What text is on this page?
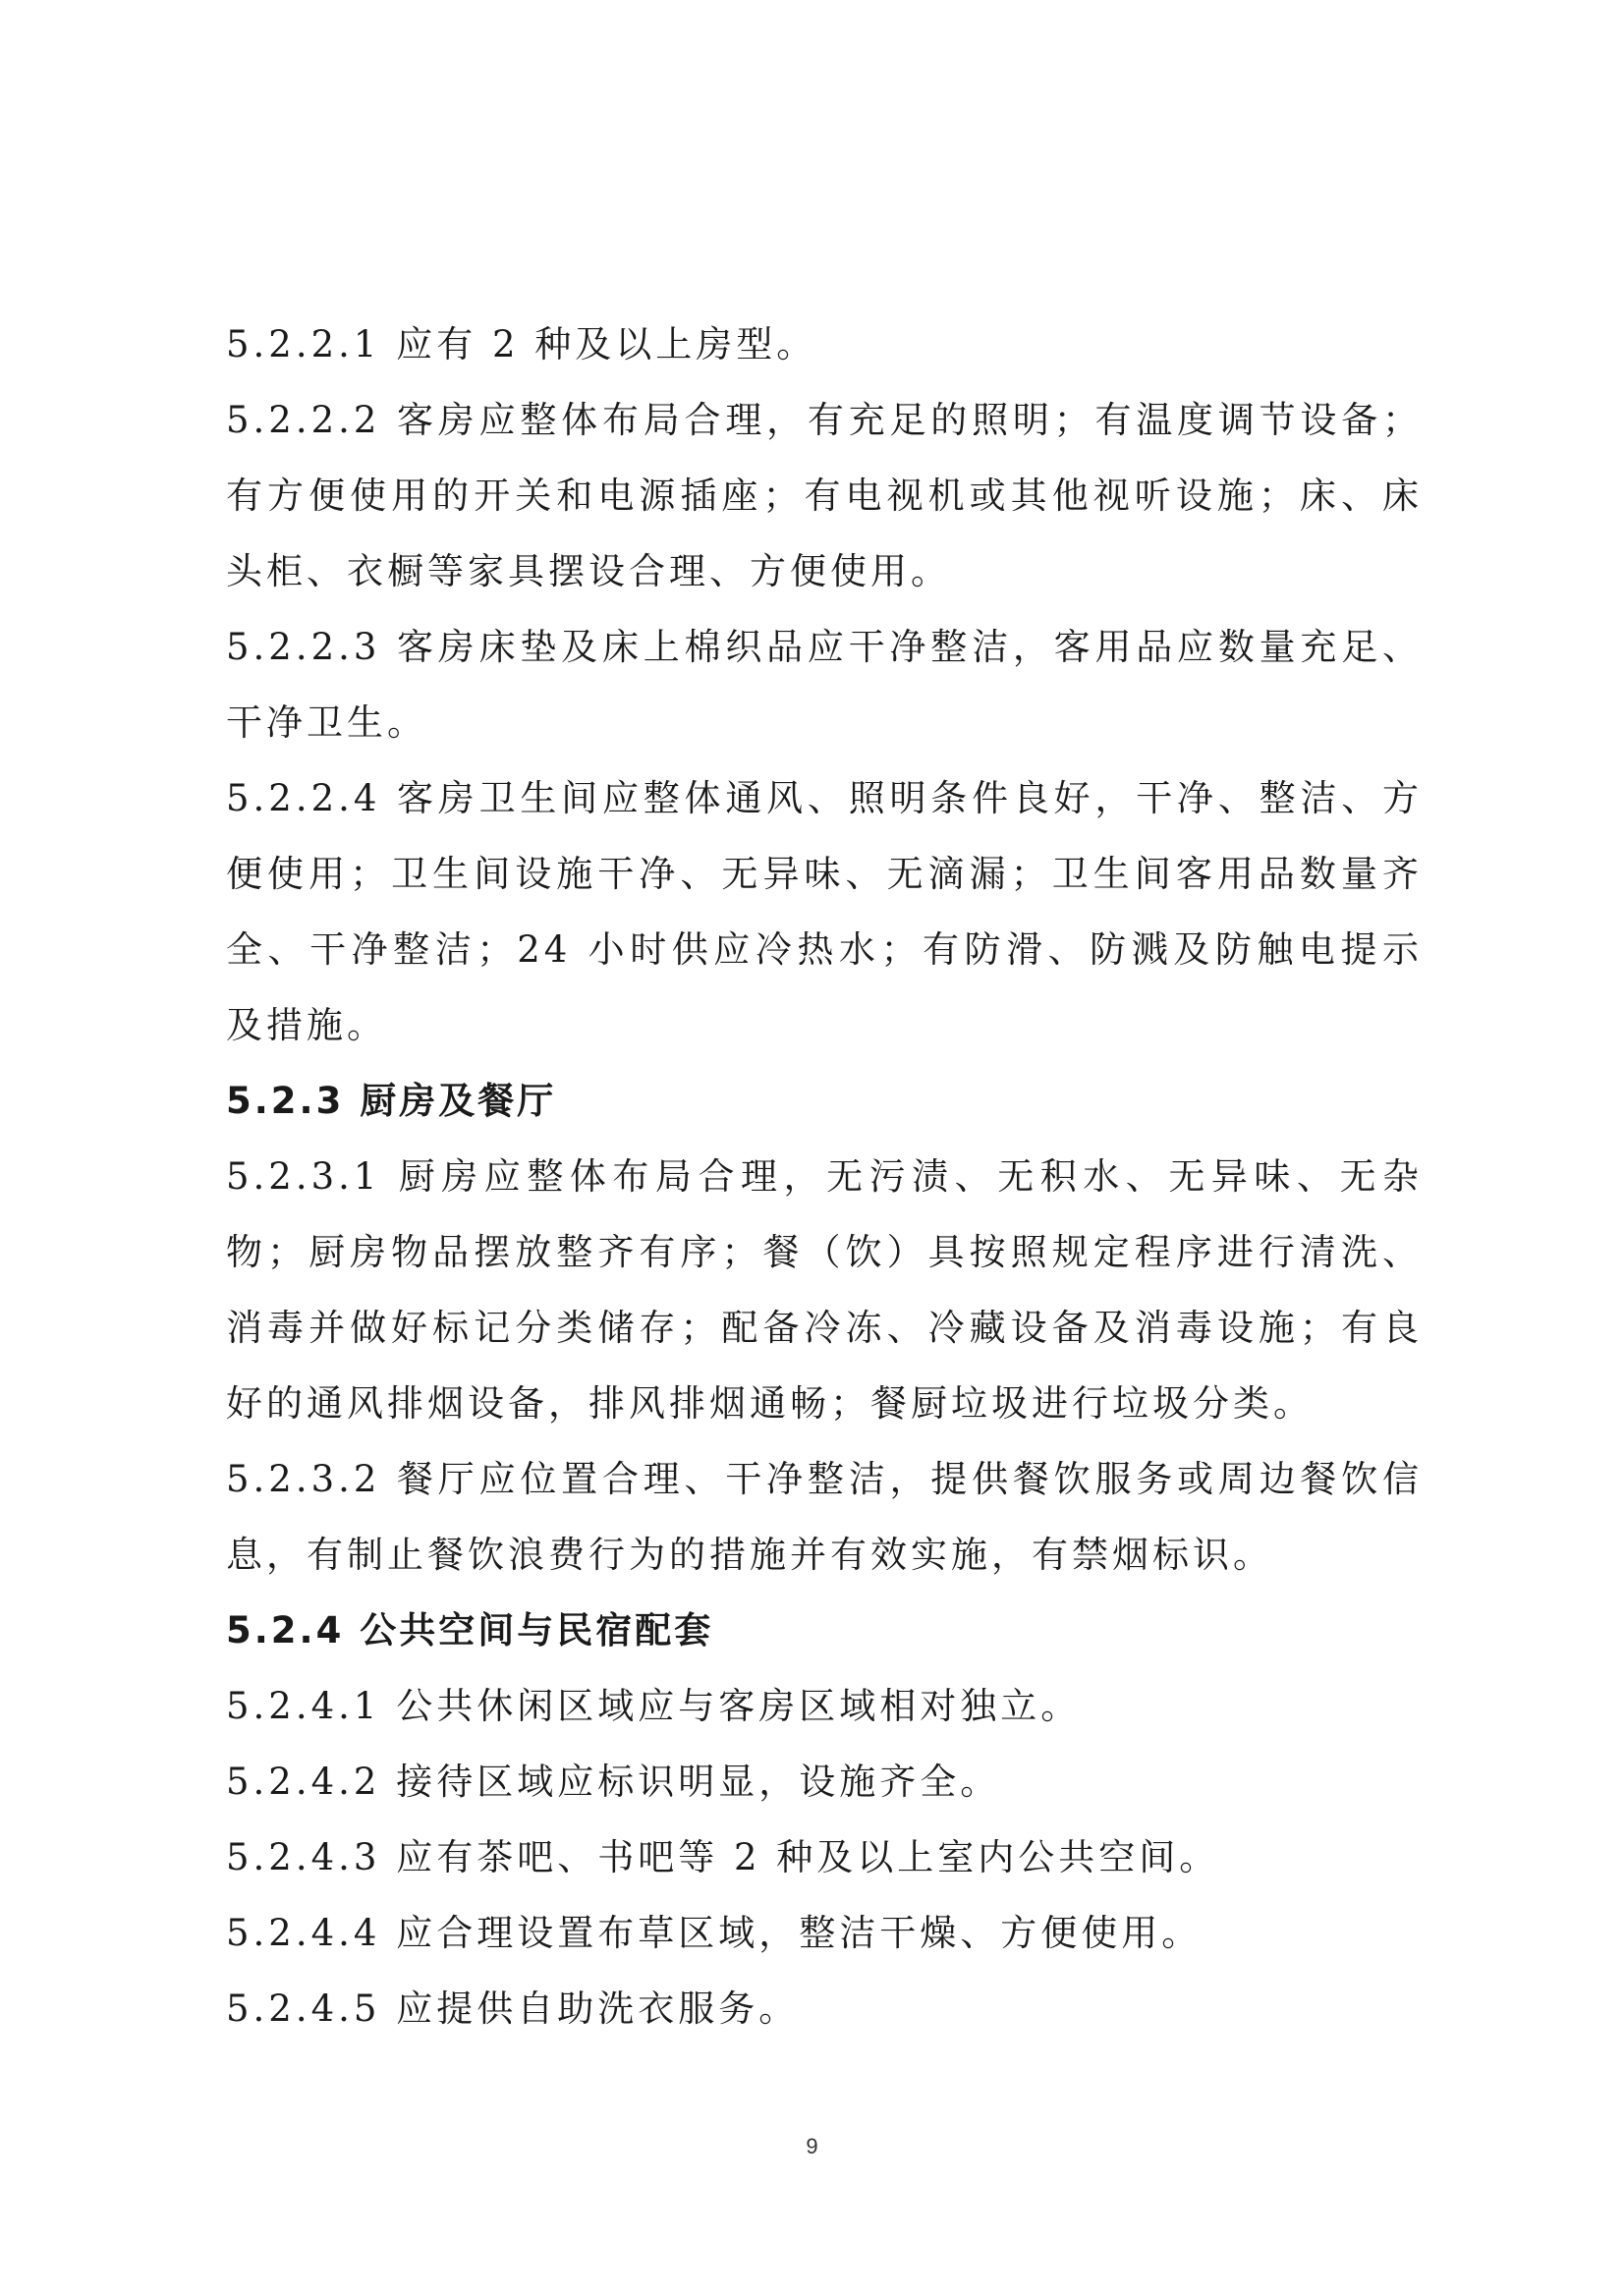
5.2.2.1 应有 2 种及以上房型。

5.2.2.2 客房应整体布局合理，有充足的照明；有温度调节设备；有方便使用的开关和电源插座；有电视机或其他视听设施；床、床头柜、衣橱等家具摆设合理、方便使用。

5.2.2.3 客房床垫及床上棉织品应干净整洁，客用品应数量充足、干净卫生。

5.2.2.4 客房卫生间应整体通风、照明条件良好，干净、整洁、方便使用；卫生间设施干净、无异味、无滴漏；卫生间客用品数量齐全、干净整洁；24 小时供应冷热水；有防滑、防溅及防触电提示及措施。

5.2.3 厨房及餐厅

5.2.3.1 厨房应整体布局合理，无污渍、无积水、无异味、无杂物；厨房物品摆放整齐有序；餐（饮）具按照规定程序进行清洗、消毒并做好标记分类储存；配备冷冻、冷藏设备及消毒设施；有良好的通风排烟设备，排风排烟通畅；餐厨垃圾进行垃圾分类。

5.2.3.2 餐厅应位置合理、干净整洁，提供餐饮服务或周边餐饮信息，有制止餐饮浪费行为的措施并有效实施，有禁烟标识。

5.2.4 公共空间与民宿配套

5.2.4.1 公共休闲区域应与客房区域相对独立。

5.2.4.2 接待区域应标识明显，设施齐全。

5.2.4.3 应有茶吧、书吧等 2 种及以上室内公共空间。

5.2.4.4 应合理设置布草区域，整洁干燥、方便使用。

5.2.4.5 应提供自助洗衣服务。

9
